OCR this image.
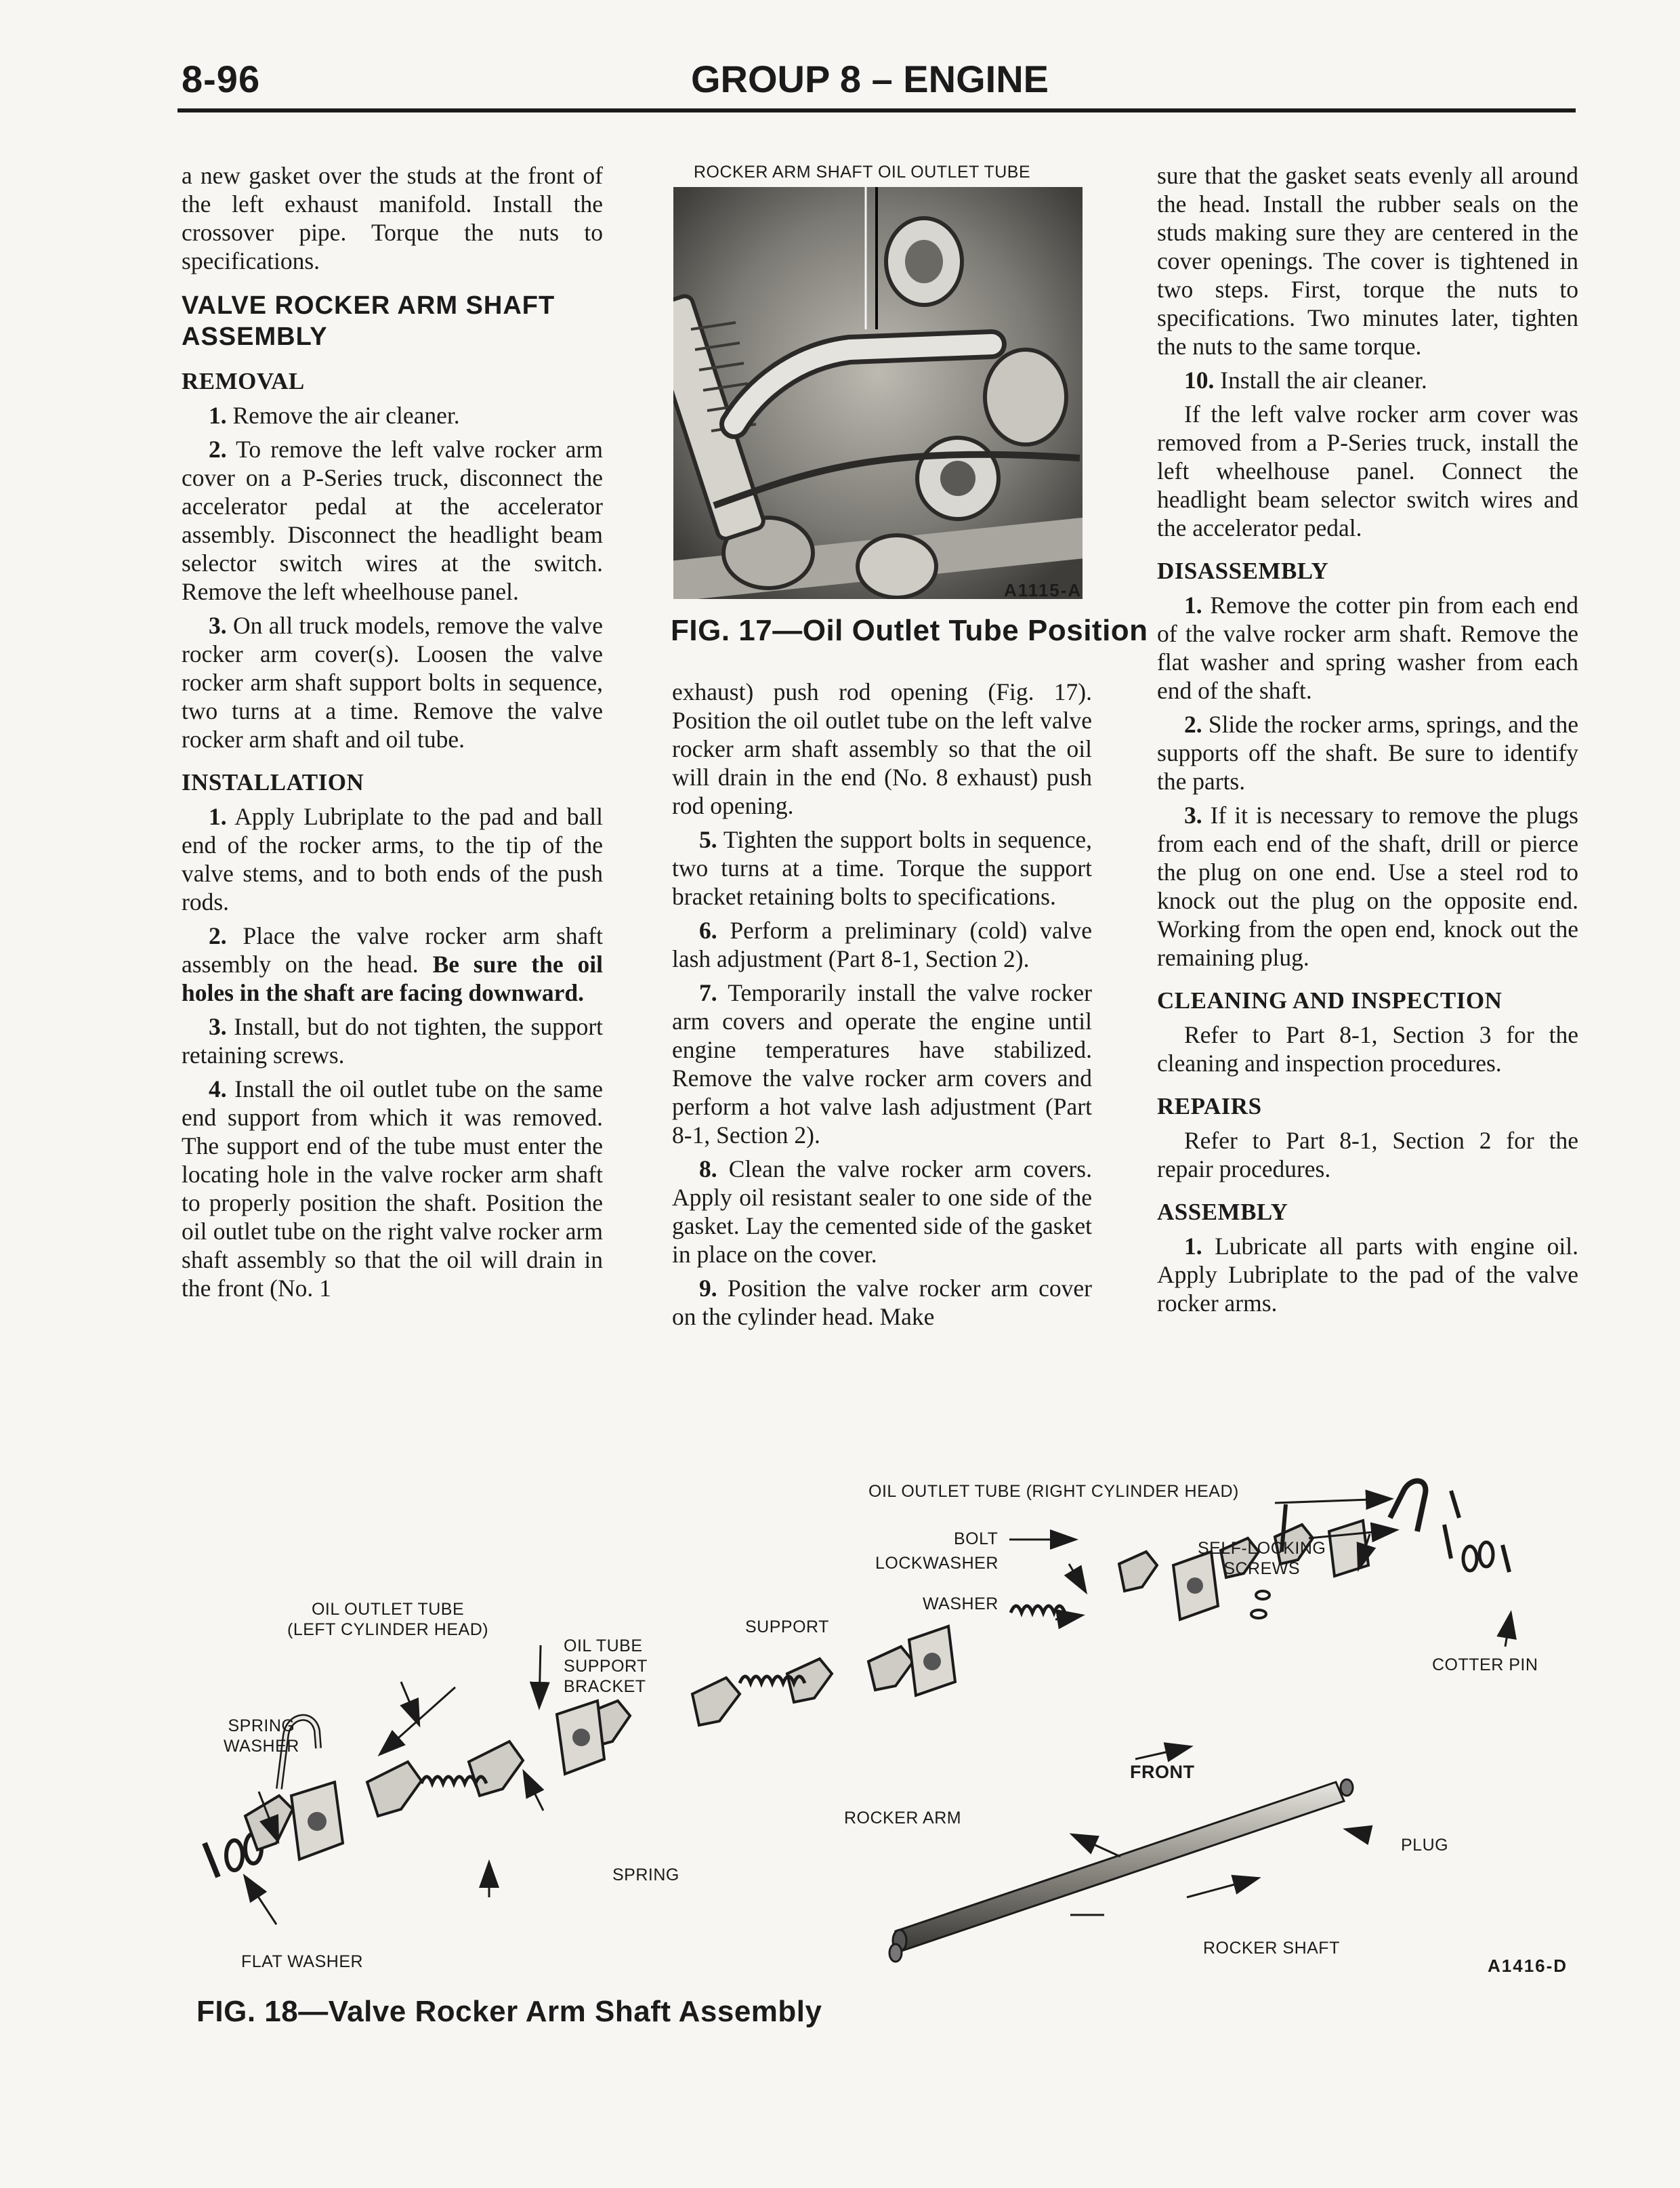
8-96	GROUP 8 – ENGINE

a new gasket over the studs at the front of the left exhaust manifold. Install the crossover pipe. Torque the nuts to specifications.

VALVE ROCKER ARM SHAFT ASSEMBLY
REMOVAL

1. Remove the air cleaner.

2. To remove the left valve rocker arm cover on a P-Series truck, disconnect the accelerator pedal at the accelerator assembly. Disconnect the headlight beam selector switch wires at the switch. Remove the left wheelhouse panel.

3. On all truck models, remove the valve rocker arm cover(s). Loosen the valve rocker arm shaft support bolts in sequence, two turns at a time. Remove the valve rocker arm shaft and oil tube.

INSTALLATION

1. Apply Lubriplate to the pad and ball end of the rocker arms, to the tip of the valve stems, and to both ends of the push rods.

2. Place the valve rocker arm shaft assembly on the head. Be sure the oil holes in the shaft are facing downward.

3. Install, but do not tighten, the support retaining screws.

4. Install the oil outlet tube on the same end support from which it was removed. The support end of the tube must enter the locating hole in the valve rocker arm shaft to properly position the shaft. Position the oil outlet tube on the right valve rocker arm shaft assembly so that the oil will drain in the front (No. 1

ROCKER ARM SHAFT OIL OUTLET TUBE
A1115-A
FIG. 17—Oil Outlet Tube Position

exhaust) push rod opening (Fig. 17). Position the oil outlet tube on the left valve rocker arm shaft assembly so that the oil will drain in the end (No. 8 exhaust) push rod opening.

5. Tighten the support bolts in sequence, two turns at a time. Torque the support bracket retaining bolts to specifications.

6. Perform a preliminary (cold) valve lash adjustment (Part 8-1, Section 2).

7. Temporarily install the valve rocker arm covers and operate the engine until engine temperatures have stabilized. Remove the valve rocker arm covers and perform a hot valve lash adjustment (Part 8-1, Section 2).

8. Clean the valve rocker arm covers. Apply oil resistant sealer to one side of the gasket. Lay the cemented side of the gasket in place on the cover.

9. Position the valve rocker arm cover on the cylinder head. Make

sure that the gasket seats evenly all around the head. Install the rubber seals on the studs making sure they are centered in the cover openings. The cover is tightened in two steps. First, torque the nuts to specifications. Two minutes later, tighten the nuts to the same torque.

10. Install the air cleaner.

If the left valve rocker arm cover was removed from a P-Series truck, install the left wheelhouse panel. Connect the headlight beam selector switch wires and the accelerator pedal.

DISASSEMBLY

1. Remove the cotter pin from each end of the valve rocker arm shaft. Remove the flat washer and spring washer from each end of the shaft.

2. Slide the rocker arms, springs, and the supports off the shaft. Be sure to identify the parts.

3. If it is necessary to remove the plugs from each end of the shaft, drill or pierce the plug on one end. Use a steel rod to knock out the plug on the opposite end. Working from the open end, knock out the remaining plug.

CLEANING AND INSPECTION

Refer to Part 8-1, Section 3 for the cleaning and inspection procedures.

REPAIRS

Refer to Part 8-1, Section 2 for the repair procedures.

ASSEMBLY

1. Lubricate all parts with engine oil. Apply Lubriplate to the pad of the valve rocker arms.

OIL OUTLET TUBE (RIGHT CYLINDER HEAD)
BOLT
LOCKWASHER
WASHER
SELF-LOCKING
SCREWS
SUPPORT
OIL OUTLET TUBE
(LEFT CYLINDER HEAD)
OIL TUBE
SUPPORT
BRACKET
COTTER PIN
SPRING
WASHER
FRONT
ROCKER ARM
PLUG
SPRING
ROCKER SHAFT
FLAT WASHER	A1416-D
FIG. 18—Valve Rocker Arm Shaft Assembly
